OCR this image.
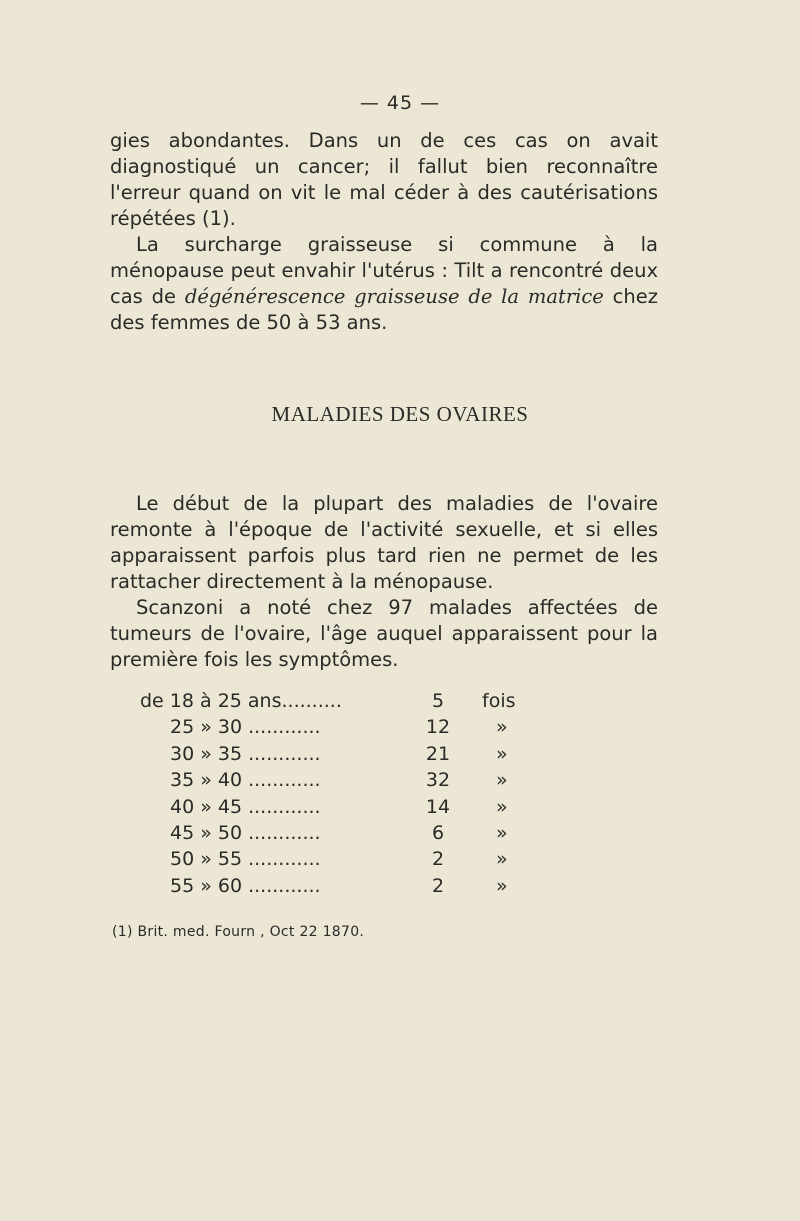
— 45 —

gies abondantes. Dans un de ces cas on avait diagnostiqué un cancer; il fallut bien reconnaître l'erreur quand on vit le mal céder à des cautérisations répétées (1).

La surcharge graisseuse si commune à la ménopause peut envahir l'utérus : Tilt a rencontré deux cas de dégénérescence graisseuse de la matrice chez des femmes de 50 à 53 ans.

MALADIES DES OVAIRES

Le début de la plupart des maladies de l'ovaire remonte à l'époque de l'activité sexuelle, et si elles apparaissent parfois plus tard rien ne permet de les rattacher directement à la ménopause.

Scanzoni a noté chez 97 malades affectées de tumeurs de l'ovaire, l'âge auquel apparaissent pour la première fois les symptômes.

de 18 à 25 ans..........	5	fois
25 » 30 ............	12	»
30 » 35 ............	21	»
35 » 40 ............	32	»
40 » 45 ............	14	»
45 » 50 ............	6	»
50 » 55 ............	2	»
55 » 60 ............	2	»
(1) Brit. med. Fourn , Oct 22 1870.
